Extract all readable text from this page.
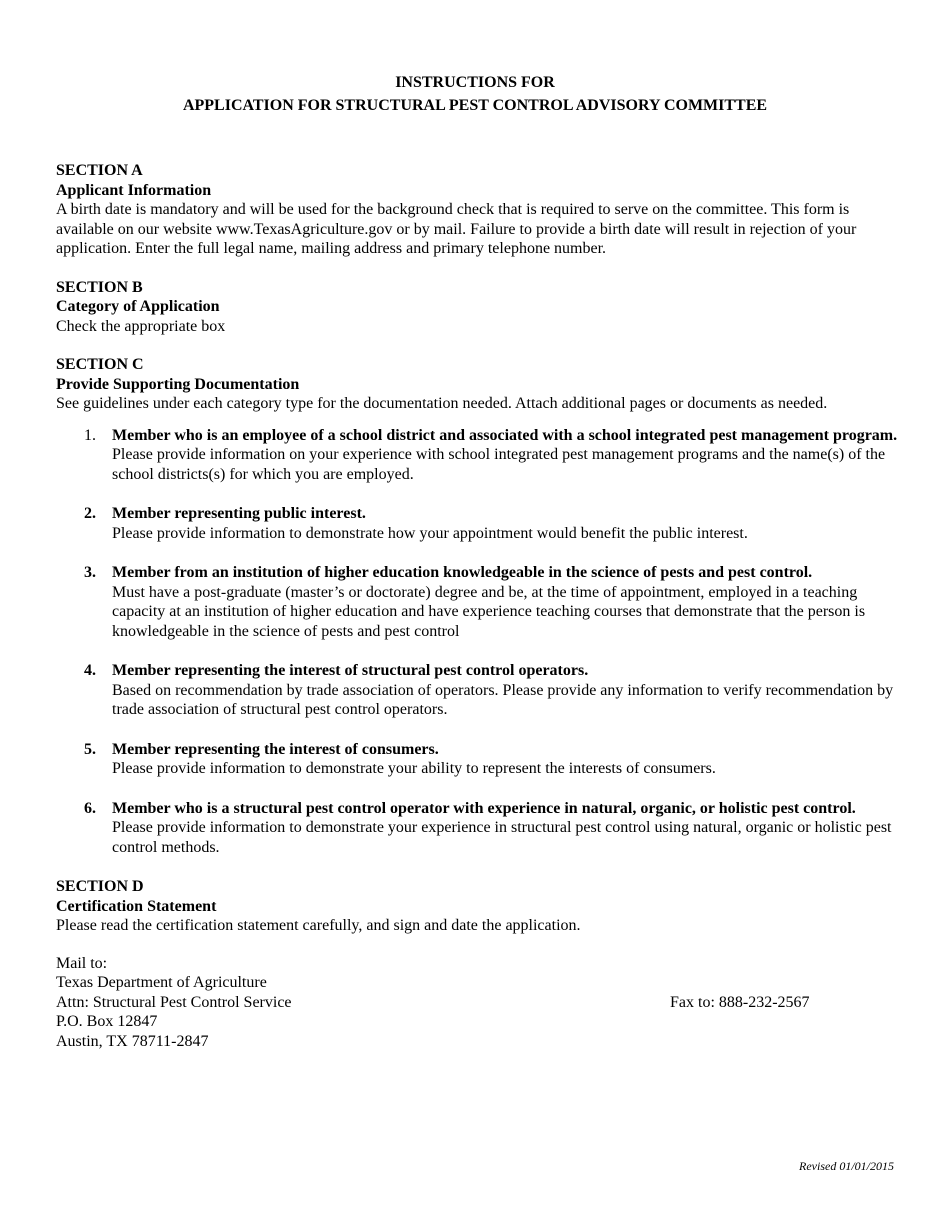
INSTRUCTIONS FOR
APPLICATION FOR STRUCTURAL PEST CONTROL ADVISORY COMMITTEE
SECTION A
Applicant Information
A birth date is mandatory and will be used for the background check that is required to serve on the committee. This form is available on our website www.TexasAgriculture.gov or by mail. Failure to provide a birth date will result in rejection of your application. Enter the full legal name, mailing address and primary telephone number.
SECTION B
Category of Application
Check the appropriate box
SECTION C
Provide Supporting Documentation
See guidelines under each category type for the documentation needed. Attach additional pages or documents as needed.
1.	Member who is an employee of a school district and associated with a school integrated pest management program.
Please provide information on your experience with school integrated pest management programs and the name(s) of the school districts(s) for which you are employed.
2.	Member representing public interest.
Please provide information to demonstrate how your appointment would benefit the public interest.
3.	Member from an institution of higher education knowledgeable in the science of pests and pest control.
Must have a post-graduate (master’s or doctorate) degree and be, at the time of appointment, employed in a teaching capacity at an institution of higher education and have experience teaching courses that demonstrate that the person is knowledgeable in the science of pests and pest control
4.	Member representing the interest of structural pest control operators.
Based on recommendation by trade association of operators. Please provide any information to verify recommendation by trade association of structural pest control operators.
5.	Member representing the interest of consumers.
Please provide information to demonstrate your ability to represent the interests of consumers.
6.	Member who is a structural pest control operator with experience in natural, organic, or holistic pest control.
Please provide information to demonstrate your experience in structural pest control using natural, organic or holistic pest control methods.
SECTION D
Certification Statement
Please read the certification statement carefully, and sign and date the application.
Mail to:
Texas Department of Agriculture
Attn: Structural Pest Control Service
P.O. Box 12847
Austin, TX 78711-2847
Fax to: 888-232-2567
Revised 01/01/2015
